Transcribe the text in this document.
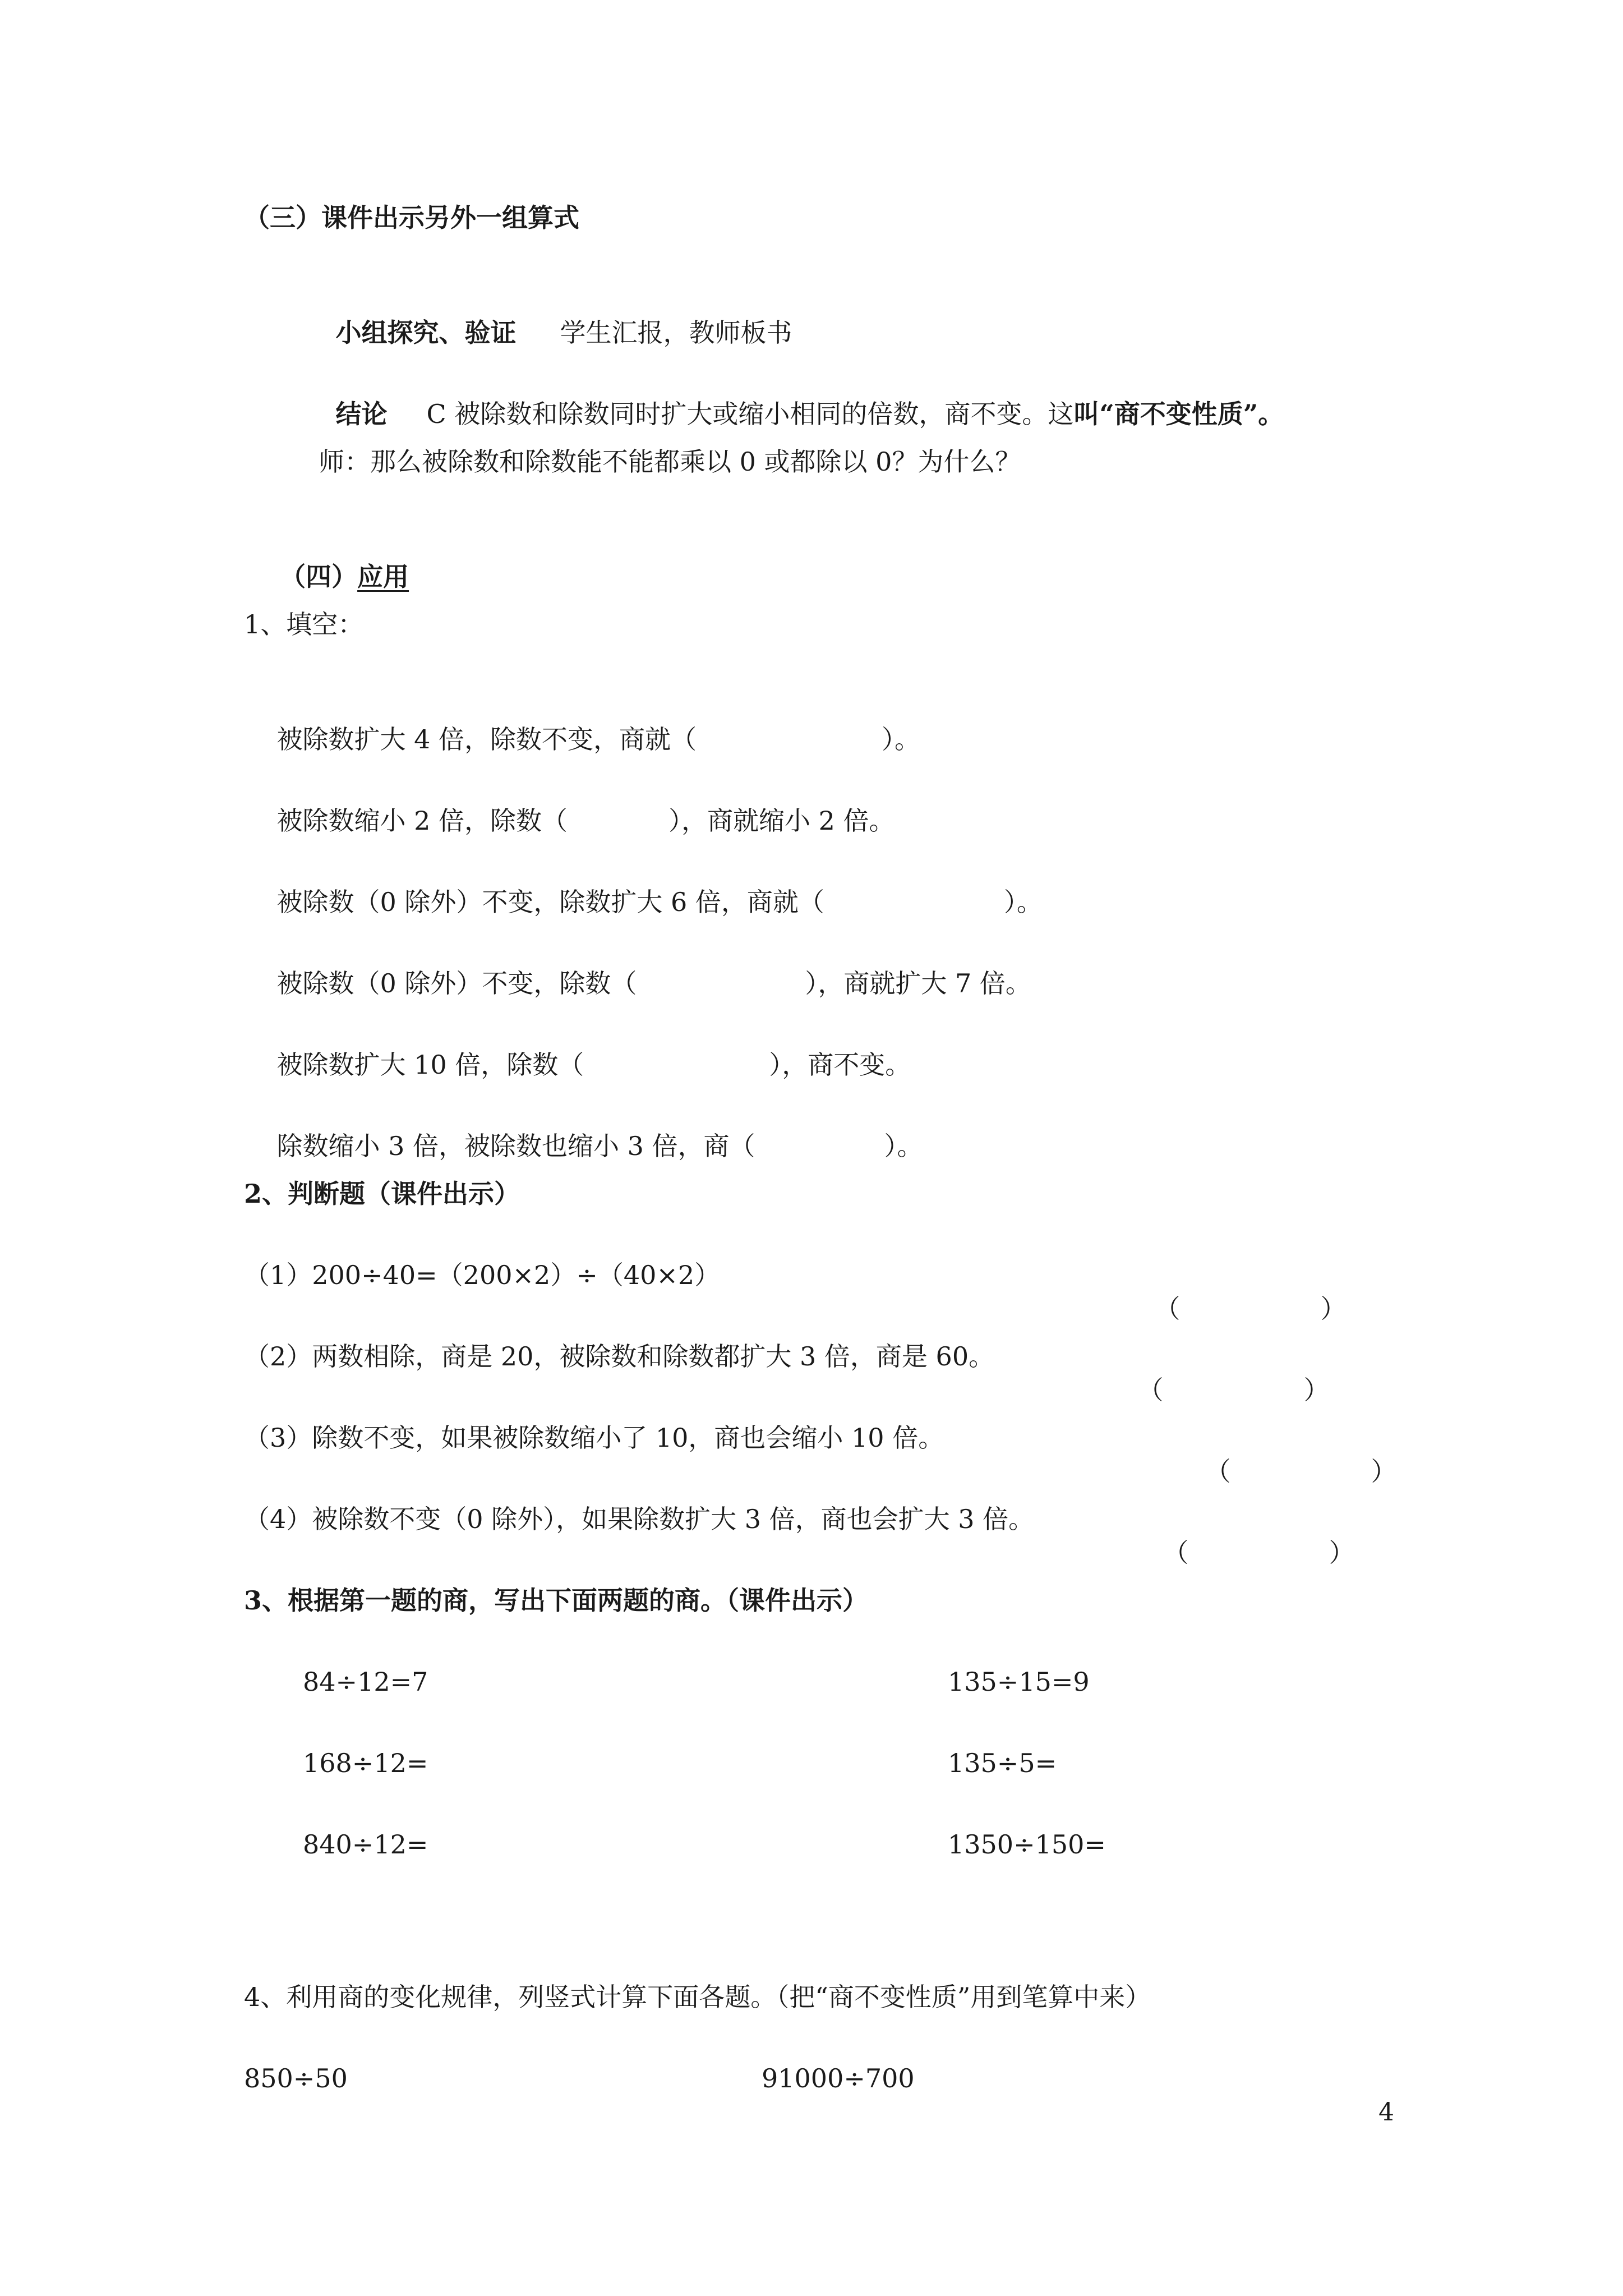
（三）课件出示另外一组算式

小组探究、验证 学生汇报，教师板书

结论 C 被除数和除数同时扩大或缩小相同的倍数，商不变。这叫“商不变性质”。

师：那么被除数和除数能不能都乘以 0 或都除以 0？为什么？

（四）应用

1、填空：

被除数扩大 4 倍，除数不变，商就（	）。

被除数缩小 2 倍，除数（	），商就缩小 2 倍。

被除数（0 除外）不变，除数扩大 6 倍，商就（	）。

被除数（0 除外）不变，除数（	），商就扩大 7 倍。

被除数扩大 10 倍，除数（	），商不变。

除数缩小 3 倍，被除数也缩小 3 倍，商（	）。

2、判断题（课件出示）
（1）200÷40=（200×2）÷（40×2）

（	）

（2）两数相除，商是 20，被除数和除数都扩大 3 倍，商是 60。

（	）

（3）除数不变，如果被除数缩小了 10，商也会缩小 10 倍。

（	）

（4）被除数不变（0 除外），如果除数扩大 3 倍，商也会扩大 3 倍。

（	）

3、根据第一题的商，写出下面两题的商。（课件出示）
84÷12=7	135÷15=9
168÷12=	135÷5=
840÷12=	1350÷150=
4、利用商的变化规律，列竖式计算下面各题。（把“商不变性质”用到笔算中来）
850÷50	91000÷700
4
